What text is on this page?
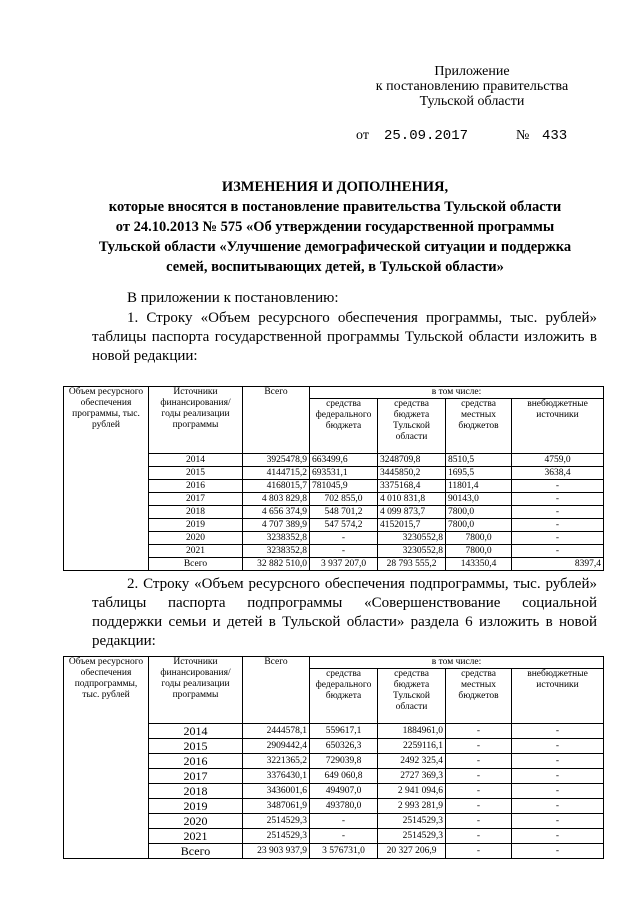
Приложение
к постановлению правительства
Тульской области
от 25.09.2017	№ 433
ИЗМЕНЕНИЯ И ДОПОЛНЕНИЯ,
которые вносятся в постановление правительства Тульской области
от 24.10.2013 № 575 «Об утверждении государственной программы
Тульской области «Улучшение демографической ситуации и поддержка
семей, воспитывающих детей, в Тульской области»
В приложении к постановлению:
1. Строку «Объем ресурсного обеспечения программы, тыс. рублей» таблицы паспорта государственной программы Тульской области изложить в новой редакции:
Объем ресурсного обеспечения программы, тыс. рублей	Источники финансирования/ годы реализации программы	Всего	в том числе:			
			средства федерального бюджета	средства бюджета Тульской области	средства местных бюджетов	внебюджетные источники
	2014	3925478,9	663499,6	3248709,8	8510,5	4759,0
	2015	4144715,2	693531,1	3445850,2	1695,5	3638,4
	2016	4168015,7	781045,9	3375168,4	11801,4	-
	2017	4 803 829,8	702 855,0	4 010 831,8	90143,0	-
	2018	4 656 374,9	548 701,2	4 099 873,7	7800,0	-
	2019	4 707 389,9	547 574,2	4152015,7	7800,0	-
	2020	3238352,8	-	3230552,8	7800,0	-
	2021	3238352,8	-	3230552,8	7800,0	-
	Всего	32 882 510,0	3 937 207,0	28 793 555,2	143350,4	8397,4
2. Строку «Объем ресурсного обеспечения подпрограммы, тыс. рублей» таблицы паспорта подпрограммы «Совершенствование социальной поддержки семьи и детей в Тульской области» раздела 6 изложить в новой редакции:
Объем ресурсного обеспечения подпрограммы, тыс. рублей	Источники финансирования/ годы реализации программы	Всего	в том числе:			
			средства федерального бюджета	средства бюджета Тульской области	средства местных бюджетов	внебюджетные источники
	2014	2444578,1	559617,1	1884961,0	-	-
	2015	2909442,4	650326,3	2259116,1	-	-
	2016	3221365,2	729039,8	2492 325,4	-	-
	2017	3376430,1	649 060,8	2727 369,3	-	-
	2018	3436001,6	494907,0	2 941 094,6	-	-
	2019	3487061,9	493780,0	2 993 281,9	-	-
	2020	2514529,3	-	2514529,3	-	-
	2021	2514529,3	-	2514529,3	-	-
	Всего	23 903 937,9	3 576731,0	20 327 206,9	-	-
